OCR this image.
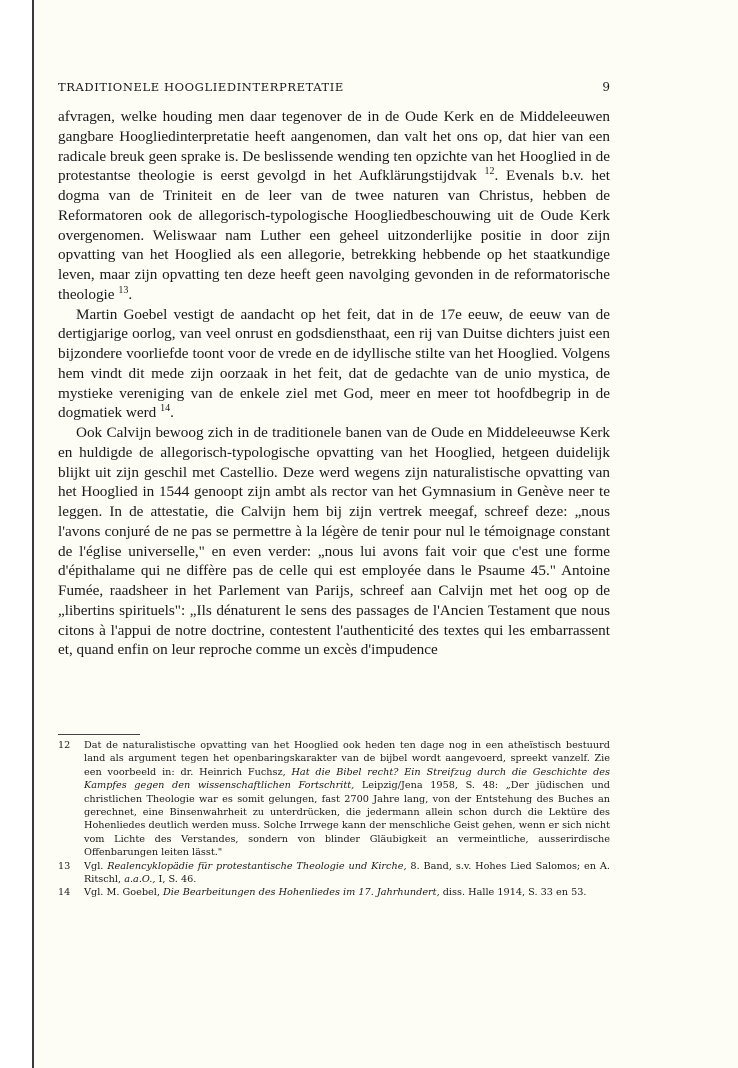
TRADITIONELE HOOGLIEDINTERPRETATIE	9

afvragen, welke houding men daar tegenover de in de Oude Kerk en de Middeleeuwen gangbare Hoogliedinterpretatie heeft aangenomen, dan valt het ons op, dat hier van een radicale breuk geen sprake is. De beslissende wending ten opzichte van het Hooglied in de protestantse theologie is eerst gevolgd in het Aufklärungstijdvak $^{12}$. Evenals b.v. het dogma van de Triniteit en de leer van de twee naturen van Christus, hebben de Reformatoren ook de allegorisch-typologische Hoogliedbeschouwing uit de Oude Kerk overgenomen. Weliswaar nam Luther een geheel uitzonderlijke positie in door zijn opvatting van het Hooglied als een allegorie, betrekking hebbende op het staatkundige leven, maar zijn opvatting ten deze heeft geen navolging gevonden in de reformatorische theologie $^{13}$.

Martin Goebel vestigt de aandacht op het feit, dat in de 17e eeuw, de eeuw van de dertigjarige oorlog, van veel onrust en godsdiensthaat, een rij van Duitse dichters juist een bijzondere voorliefde toont voor de vrede en de idyllische stilte van het Hooglied. Volgens hem vindt dit mede zijn oorzaak in het feit, dat de gedachte van de unio mystica, de mystieke vereniging van de enkele ziel met God, meer en meer tot hoofdbegrip in de dogmatiek werd $^{14}$.

Ook Calvijn bewoog zich in de traditionele banen van de Oude en Middeleeuwse Kerk en huldigde de allegorisch-typologische opvatting van het Hooglied, hetgeen duidelijk blijkt uit zijn geschil met Castellio. Deze werd wegens zijn naturalistische opvatting van het Hooglied in 1544 genoopt zijn ambt als rector van het Gymnasium in Genève neer te leggen. In de attestatie, die Calvijn hem bij zijn vertrek meegaf, schreef deze: „nous l'avons conjuré de ne pas se permettre à la légère de tenir pour nul le témoignage constant de l'église universelle," en even verder: „nous lui avons fait voir que c'est une forme d'épithalame qui ne diffère pas de celle qui est employée dans le Psaume 45." Antoine Fumée, raadsheer in het Parlement van Parijs, schreef aan Calvijn met het oog op de „libertins spirituels": „Ils dénaturent le sens des passages de l'Ancien Testament que nous citons à l'appui de notre doctrine, contestent l'authenticité des textes qui les embarrassent et, quand enfin on leur reproche comme un excès d'impudence

12 Dat de naturalistische opvatting van het Hooglied ook heden ten dage nog in een atheïstisch bestuurd land als argument tegen het openbaringskarakter van de bijbel wordt aangevoerd, spreekt vanzelf. Zie een voorbeeld in: dr. Heinrich Fuchsz, Hat die Bibel recht? Ein Streifzug durch die Geschichte des Kampfes gegen den wissenschaftlichen Fortschritt, Leipzig/Jena 1958, S. 48: „Der jüdischen und christlichen Theologie war es somit gelungen, fast 2700 Jahre lang, von der Entstehung des Buches an gerechnet, eine Binsenwahrheit zu unterdrücken, die jedermann allein schon durch die Lektüre des Hohenliedes deutlich werden muss. Solche Irrwege kann der menschliche Geist gehen, wenn er sich nicht vom Lichte des Verstandes, sondern von blinder Gläubigkeit an vermeintliche, ausserirdische Offenbarungen leiten lässt."
13 Vgl. Realencyklopädie für protestantische Theologie und Kirche, 8. Band, s.v. Hohes Lied Salomos; en A. Ritschl, a.a.O., I, S. 46.
14 Vgl. M. Goebel, Die Bearbeitungen des Hohenliedes im 17. Jahrhundert, diss. Halle 1914, S. 33 en 53.
